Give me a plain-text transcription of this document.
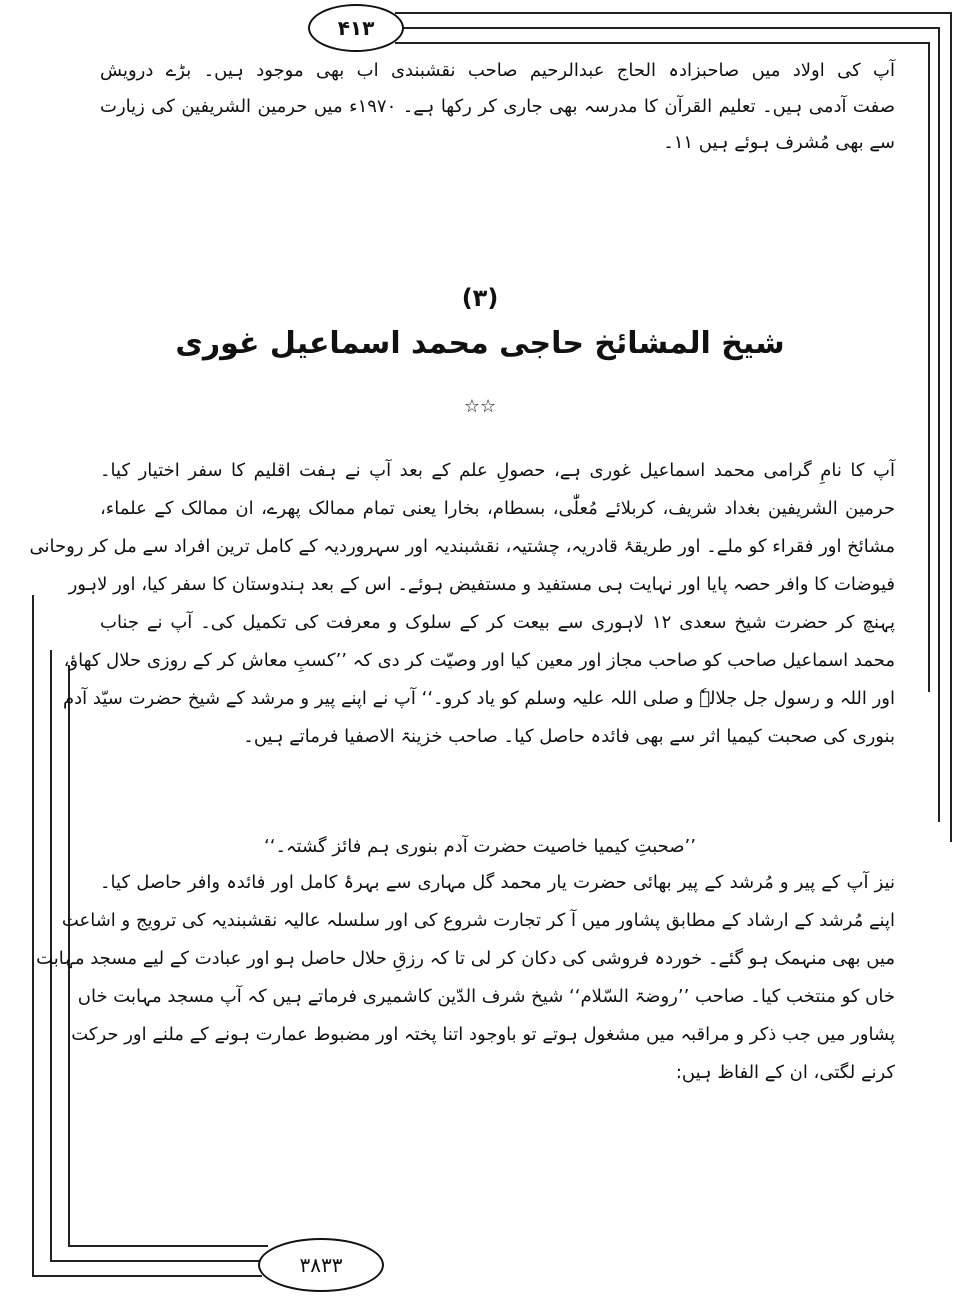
۴۱۳
۳۸۳۳
آپ کی اولاد میں صاحبزادہ الحاج عبدالرحیم صاحب نقشبندی اب بھی موجود ہیں۔ بڑے درویش
صفت آدمی ہیں۔ تعلیم القرآن کا مدرسہ بھی جاری کر رکھا ہے۔ ۱۹۷۰ء میں حرمین الشریفین کی زیارت
سے بھی مُشرف ہوئے ہیں ۱۱۔
(۳)
شیخ المشائخ حاجی محمد اسماعیل غوری
☆☆
آپ کا نامِ گرامی محمد اسماعیل غوری ہے، حصولِ علم کے بعد آپ نے ہفت اقلیم کا سفر اختیار کیا۔
حرمین الشریفین بغداد شریف، کربلائے مُعلّٰی، بسطام، بخارا یعنی تمام ممالک پھرے، ان ممالک کے علماء،
مشائخ اور فقراء کو ملے۔ اور طریقۂ قادریہ، چشتیہ، نقشبندیہ اور سہروردیہ کے کامل ترین افراد سے مل کر روحانی
فیوضات کا وافر حصہ پایا اور نہایت ہی مستفید و مستفیض ہوئے۔ اس کے بعد ہندوستان کا سفر کیا، اور لاہور
پہنچ کر حضرت شیخ سعدی ۱۲ لاہوری سے بیعت کر کے سلوک و معرفت کی تکمیل کی۔ آپ نے جناب
محمد اسماعیل صاحب کو صاحب مجاز اور معین کیا اور وصیّت کر دی کہ ’’کسبِ معاش کر کے روزی حلال کھاؤ،
اور اللہ و رسول جل جلالہٗ و صلی اللہ علیہ وسلم کو یاد کرو۔‘‘ آپ نے اپنے پیر و مرشد کے شیخ حضرت سیّد آدم
بنوری کی صحبت کیمیا اثر سے بھی فائدہ حاصل کیا۔ صاحب خزینۃ الاصفیا فرماتے ہیں۔
’’صحبتِ کیمیا خاصیت حضرت آدم بنوری ہم فائز گشتہ۔‘‘
نیز آپ کے پیر و مُرشد کے پیر بھائی حضرت یار محمد گل مہاری سے بہرۂ کامل اور فائدہ وافر حاصل کیا۔
اپنے مُرشد کے ارشاد کے مطابق پشاور میں آ کر تجارت شروع کی اور سلسلہ عالیہ نقشبندیہ کی ترویج و اشاعت
میں بھی منہمک ہو گئے۔ خوردہ فروشی کی دکان کر لی تا کہ رزقِ حلال حاصل ہو اور عبادت کے لیے مسجد مہابت
خاں کو منتخب کیا۔ صاحب ’’روضۃ السّلام‘‘ شیخ شرف الدّین کاشمیری فرماتے ہیں کہ آپ مسجد مہابت خاں
پشاور میں جب ذکر و مراقبہ میں مشغول ہوتے تو باوجود اتنا پختہ اور مضبوط عمارت ہونے کے ملنے اور حرکت
کرنے لگتی، ان کے الفاظ ہیں:
